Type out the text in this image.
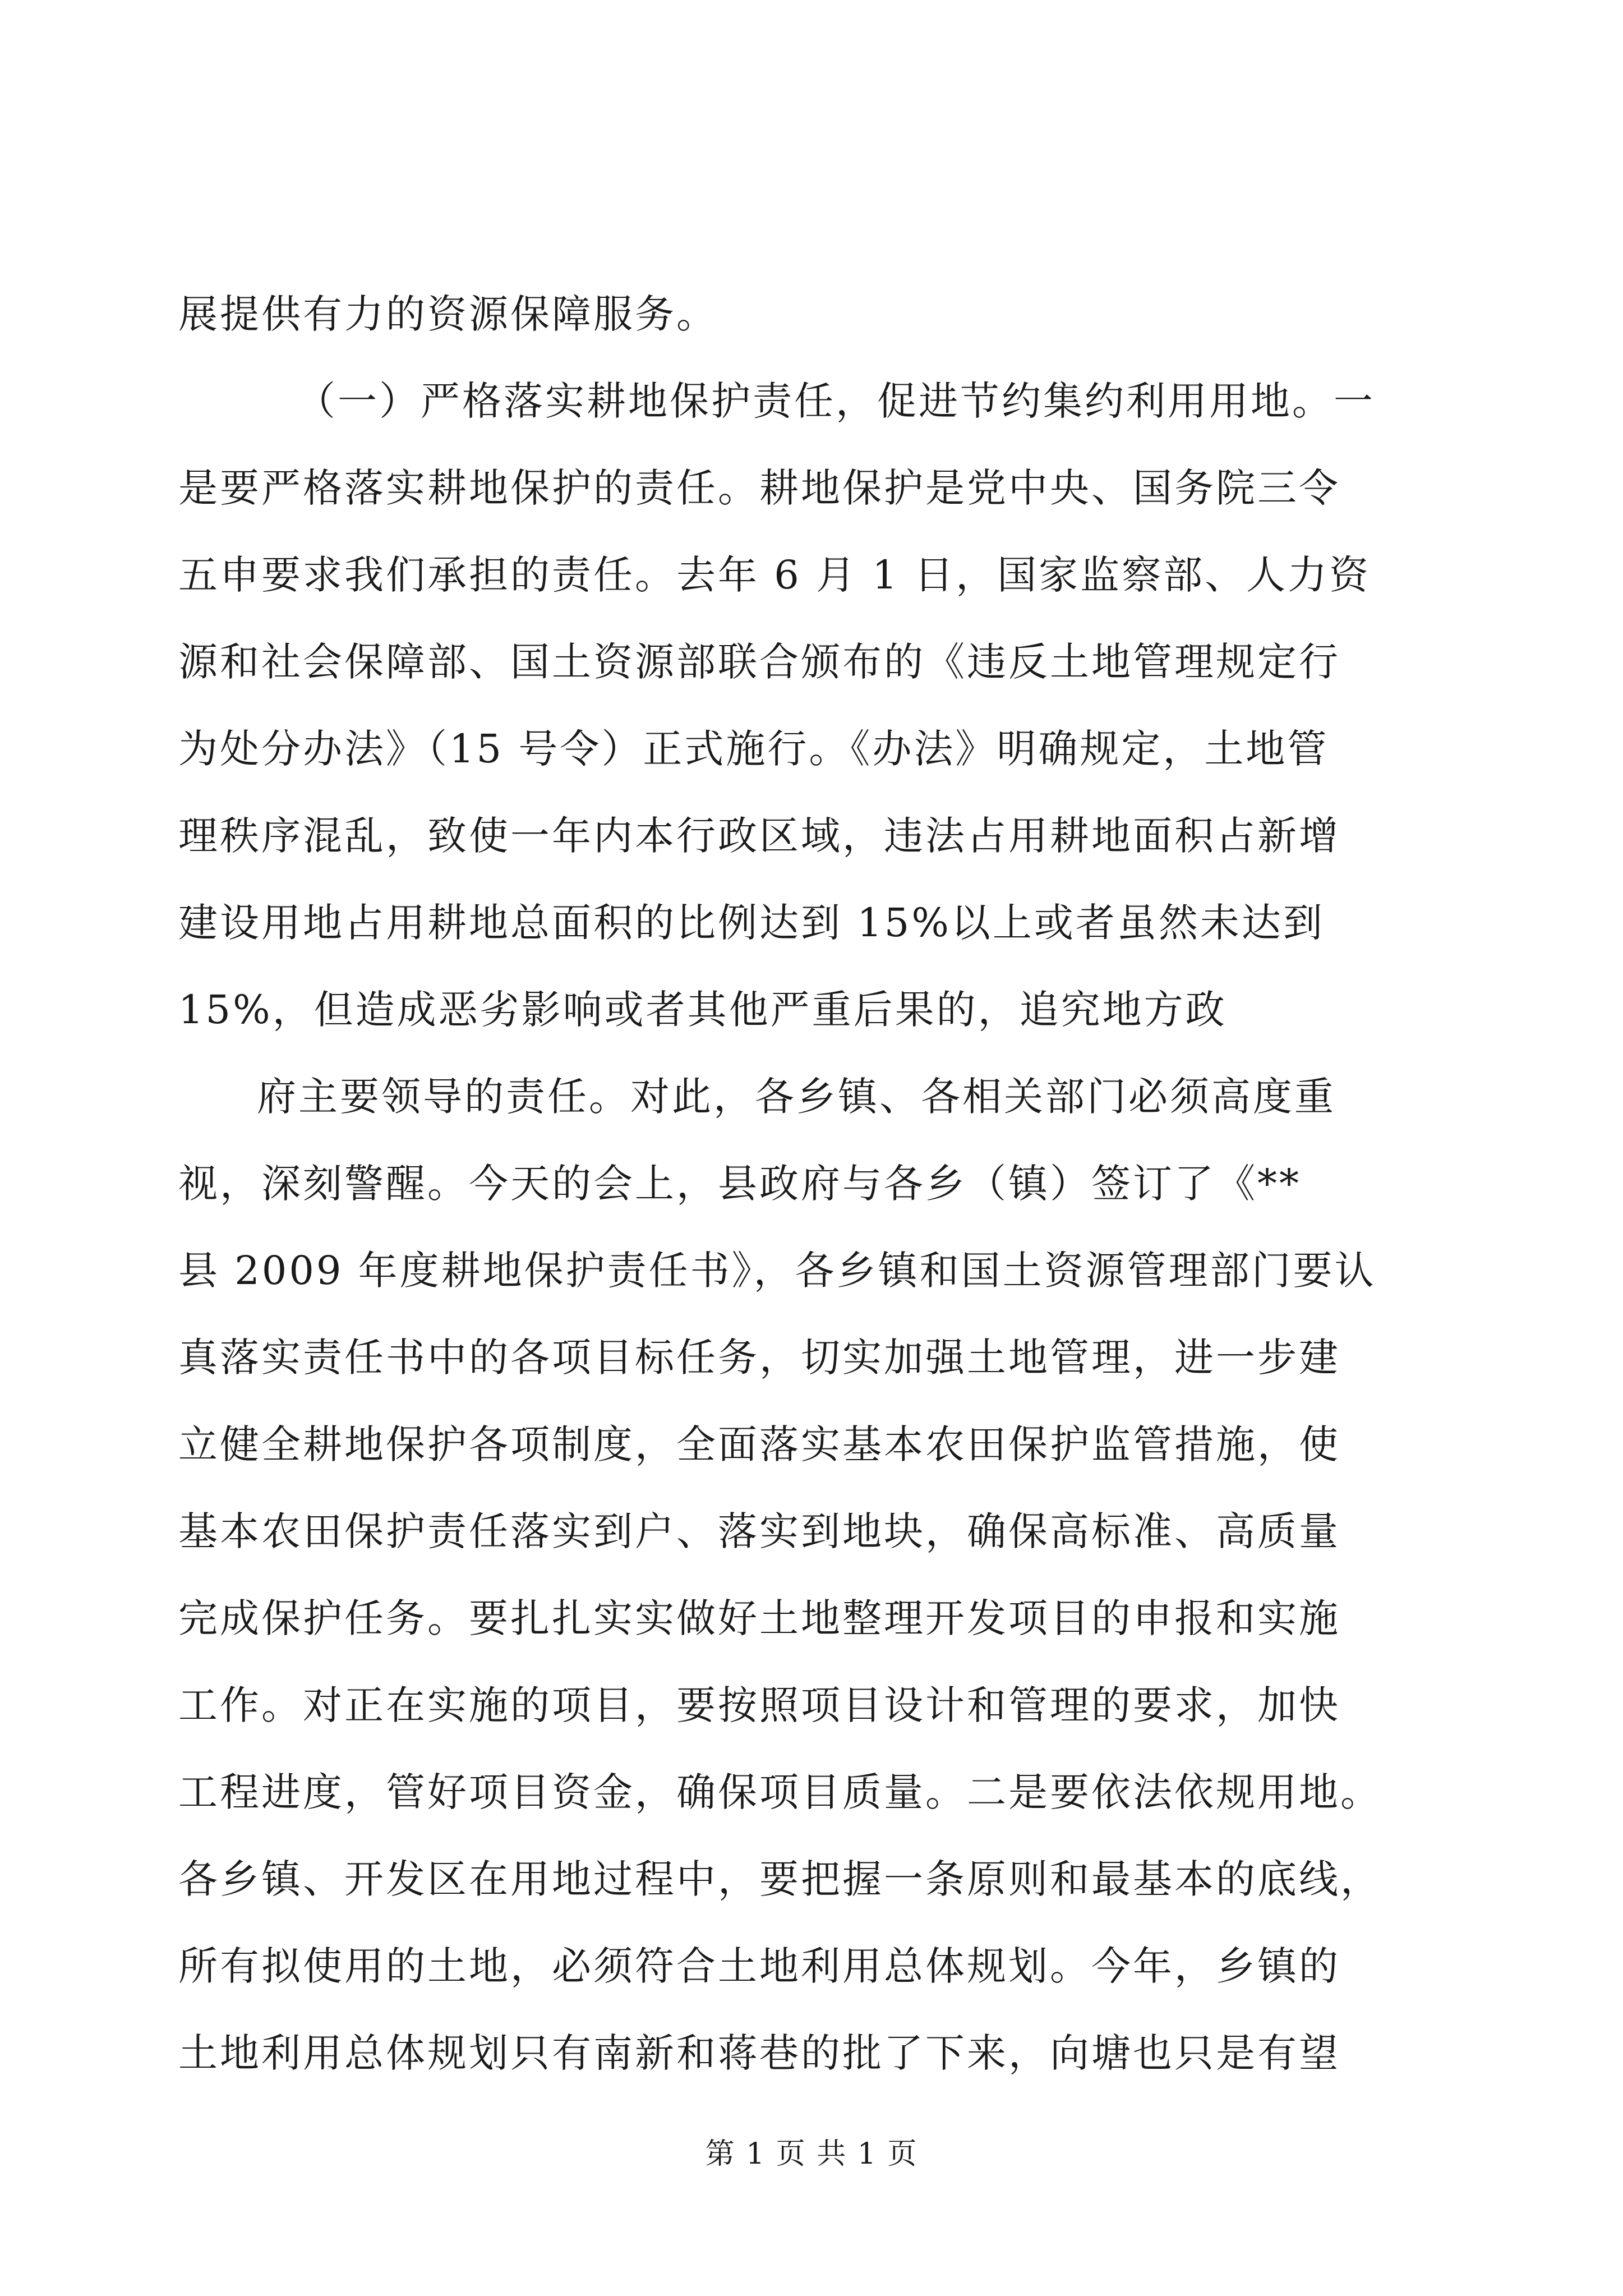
展提供有力的资源保障服务。
（一）严格落实耕地保护责任，促进节约集约利用用地。一
是要严格落实耕地保护的责任。耕地保护是党中央、国务院三令
五申要求我们承担的责任。去年 6 月 1 日，国家监察部、人力资
源和社会保障部、国土资源部联合颁布的《违反土地管理规定行
为处分办法》（15 号令）正式施行。《办法》明确规定，土地管
理秩序混乱，致使一年内本行政区域，违法占用耕地面积占新增
建设用地占用耕地总面积的比例达到 15%以上或者虽然未达到
15%，但造成恶劣影响或者其他严重后果的，追究地方政
府主要领导的责任。对此，各乡镇、各相关部门必须高度重
视，深刻警醒。今天的会上，县政府与各乡（镇）签订了《**
县 2009 年度耕地保护责任书》，各乡镇和国土资源管理部门要认
真落实责任书中的各项目标任务，切实加强土地管理，进一步建
立健全耕地保护各项制度，全面落实基本农田保护监管措施，使
基本农田保护责任落实到户、落实到地块，确保高标准、高质量
完成保护任务。要扎扎实实做好土地整理开发项目的申报和实施
工作。对正在实施的项目，要按照项目设计和管理的要求，加快
工程进度，管好项目资金，确保项目质量。二是要依法依规用地。
各乡镇、开发区在用地过程中，要把握一条原则和最基本的底线，
所有拟使用的土地，必须符合土地利用总体规划。今年，乡镇的
土地利用总体规划只有南新和蒋巷的批了下来，向塘也只是有望
第 1 页 共 1 页
